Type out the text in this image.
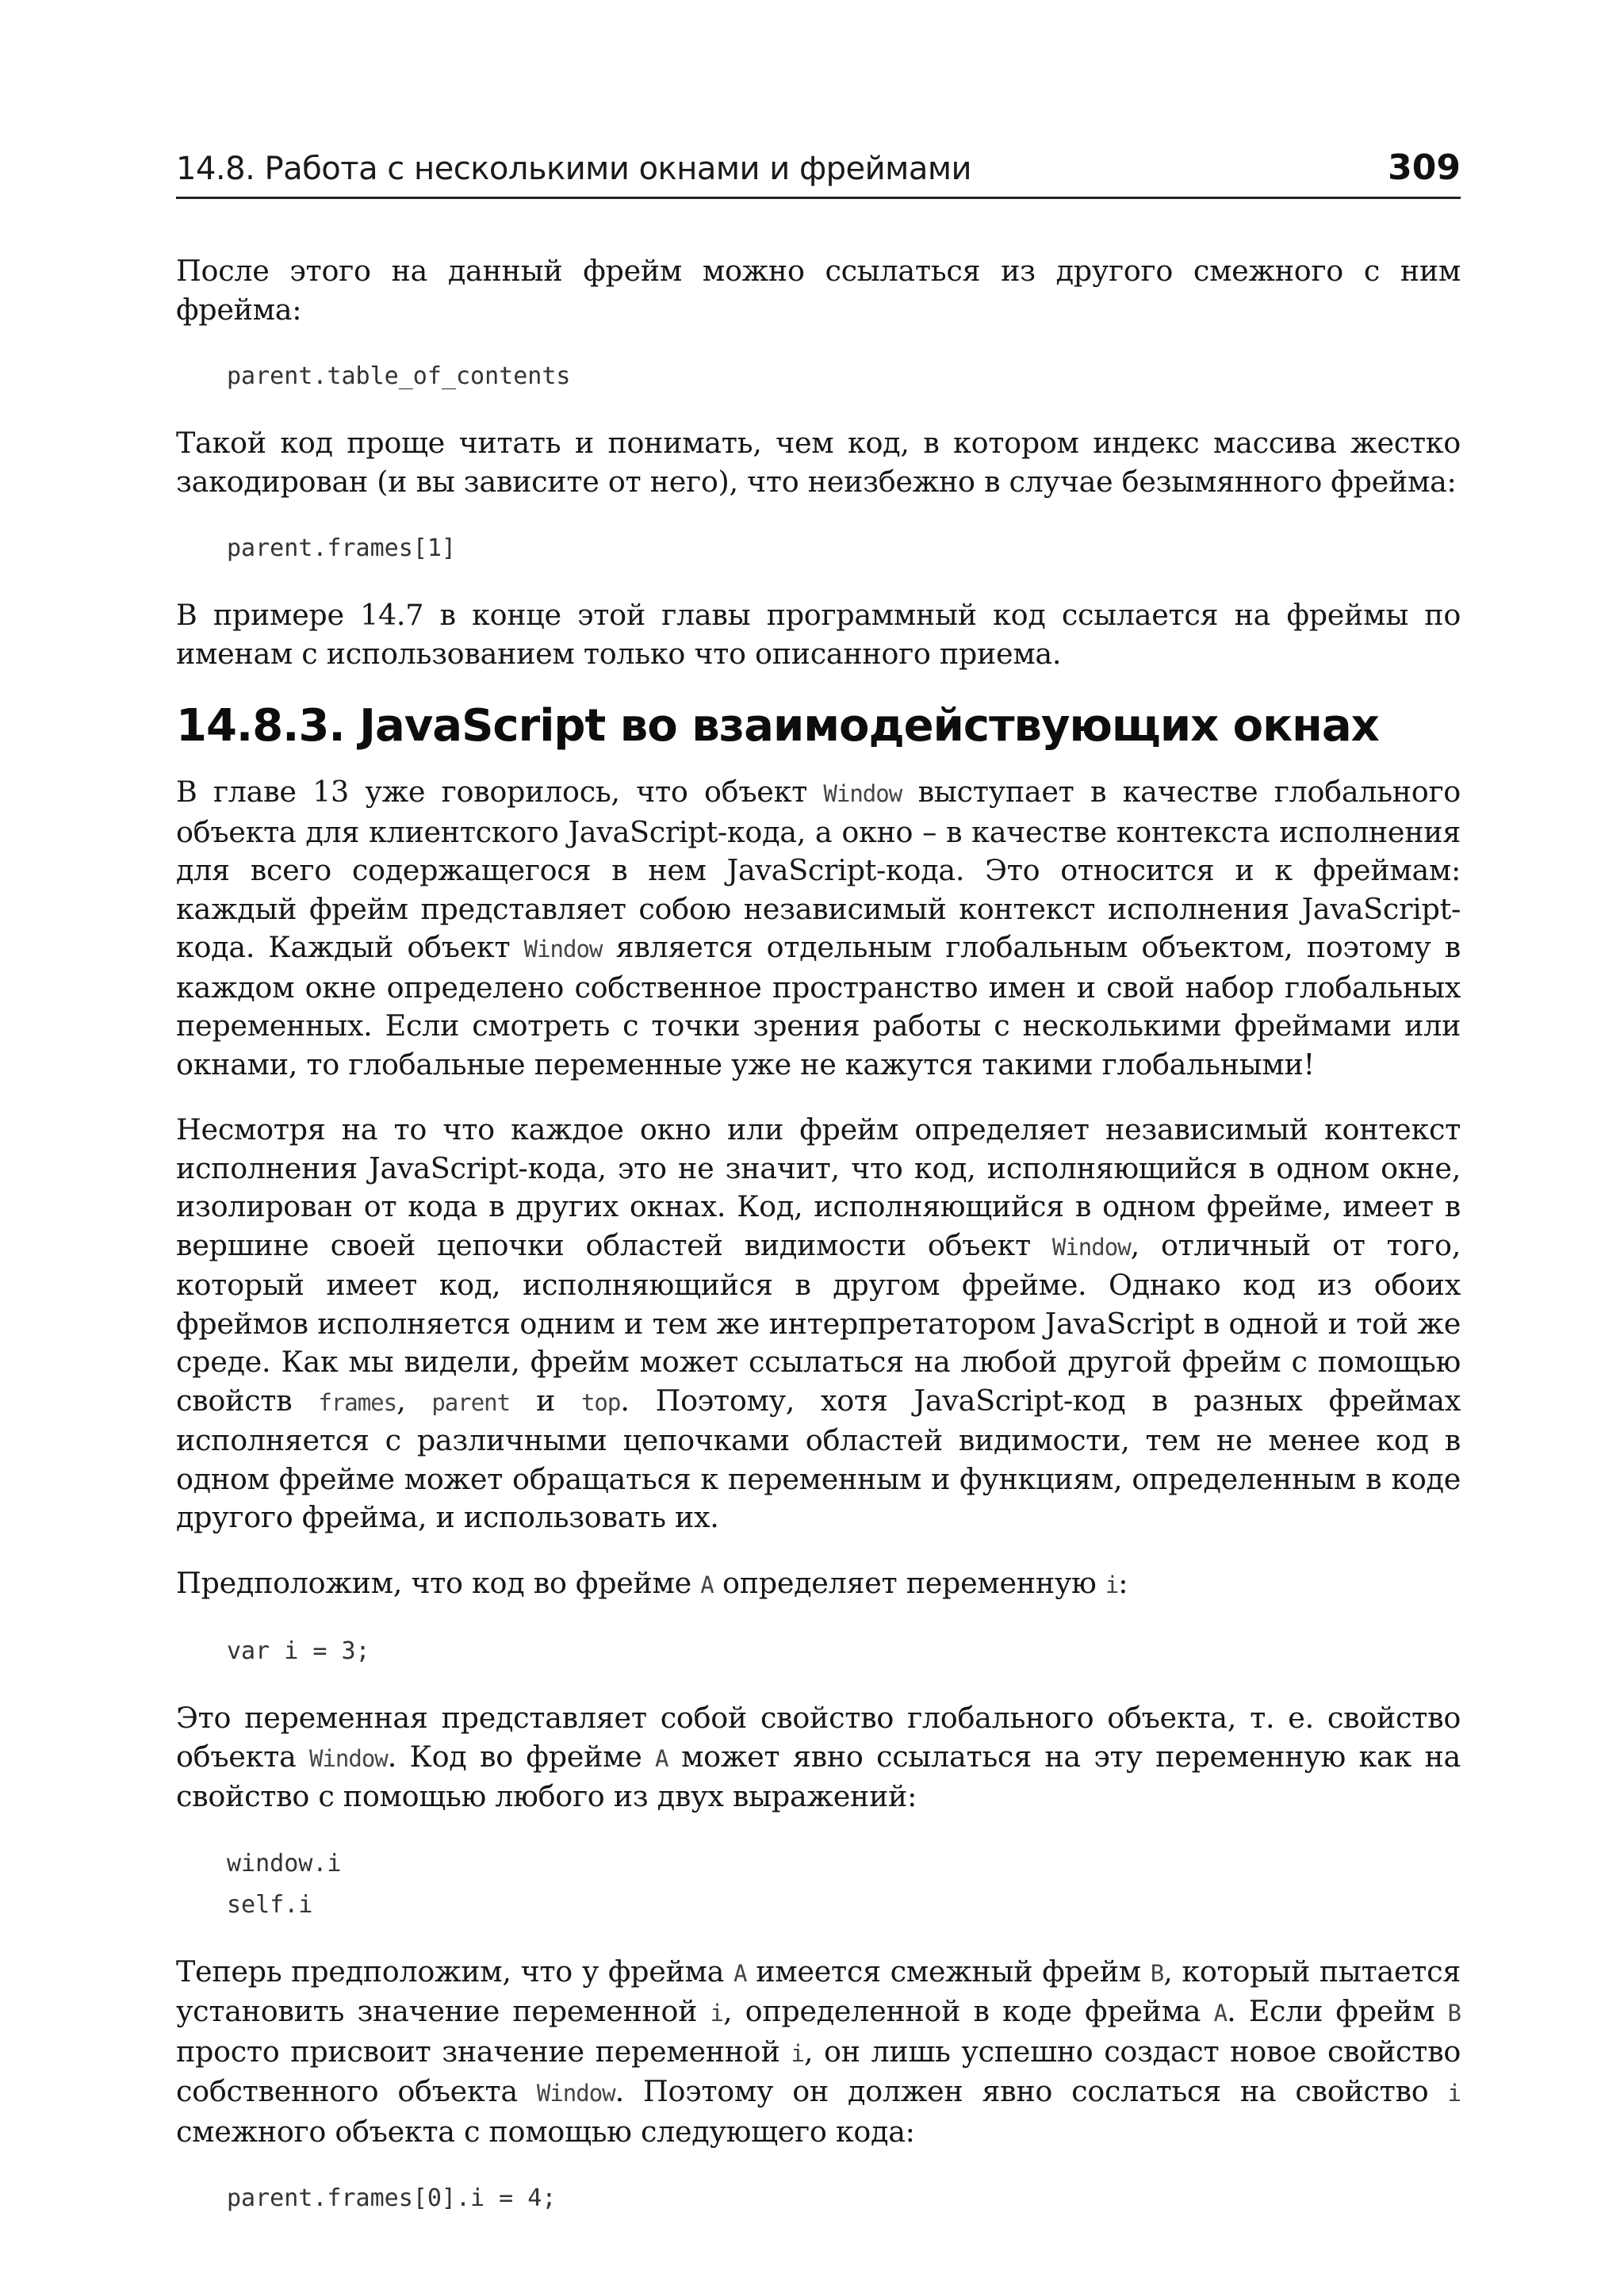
14.8. Работа с несколькими окнами и фреймами	309

После этого на данный фрейм можно ссылаться из другого смежного с ним фрейма:

parent.table_of_contents

Такой код проще читать и понимать, чем код, в котором индекс массива жестко закодирован (и вы зависите от него), что неизбежно в случае безымянного фрейма:

parent.frames[1]

В примере 14.7 в конце этой главы программный код ссылается на фреймы по именам с использованием только что описанного приема.

14.8.3. JavaScript во взаимодействующих окнах

В главе 13 уже говорилось, что объект Window выступает в качестве глобального объекта для клиентского JavaScript-кода, а окно – в качестве контекста исполнения для всего содержащегося в нем JavaScript-кода. Это относится и к фреймам: каждый фрейм представляет собою независимый контекст исполнения JavaScript-кода. Каждый объект Window является отдельным глобальным объектом, поэтому в каждом окне определено собственное пространство имен и свой набор глобальных переменных. Если смотреть с точки зрения работы с несколькими фреймами или окнами, то глобальные переменные уже не кажутся такими глобальными!

Несмотря на то что каждое окно или фрейм определяет независимый контекст исполнения JavaScript-кода, это не значит, что код, исполняющийся в одном окне, изолирован от кода в других окнах. Код, исполняющийся в одном фрейме, имеет в вершине своей цепочки областей видимости объект Window, отличный от того, который имеет код, исполняющийся в другом фрейме. Однако код из обоих фреймов исполняется одним и тем же интерпретатором JavaScript в одной и той же среде. Как мы видели, фрейм может ссылаться на любой другой фрейм с помощью свойств frames, parent и top. Поэтому, хотя JavaScript-код в разных фреймах исполняется с различными цепочками областей видимости, тем не менее код в одном фрейме может обращаться к переменным и функциям, определенным в коде другого фрейма, и использовать их.

Предположим, что код во фрейме A определяет переменную i:

var i = 3;

Это переменная представляет собой свойство глобального объекта, т. е. свойство объекта Window. Код во фрейме A может явно ссылаться на эту переменную как на свойство с помощью любого из двух выражений:

window.i
self.i

Теперь предположим, что у фрейма A имеется смежный фрейм B, который пытается установить значение переменной i, определенной в коде фрейма A. Если фрейм B просто присвоит значение переменной i, он лишь успешно создаст новое свойство собственного объекта Window. Поэтому он должен явно сослаться на свойство i смежного объекта с помощью следующего кода:

parent.frames[0].i = 4;
